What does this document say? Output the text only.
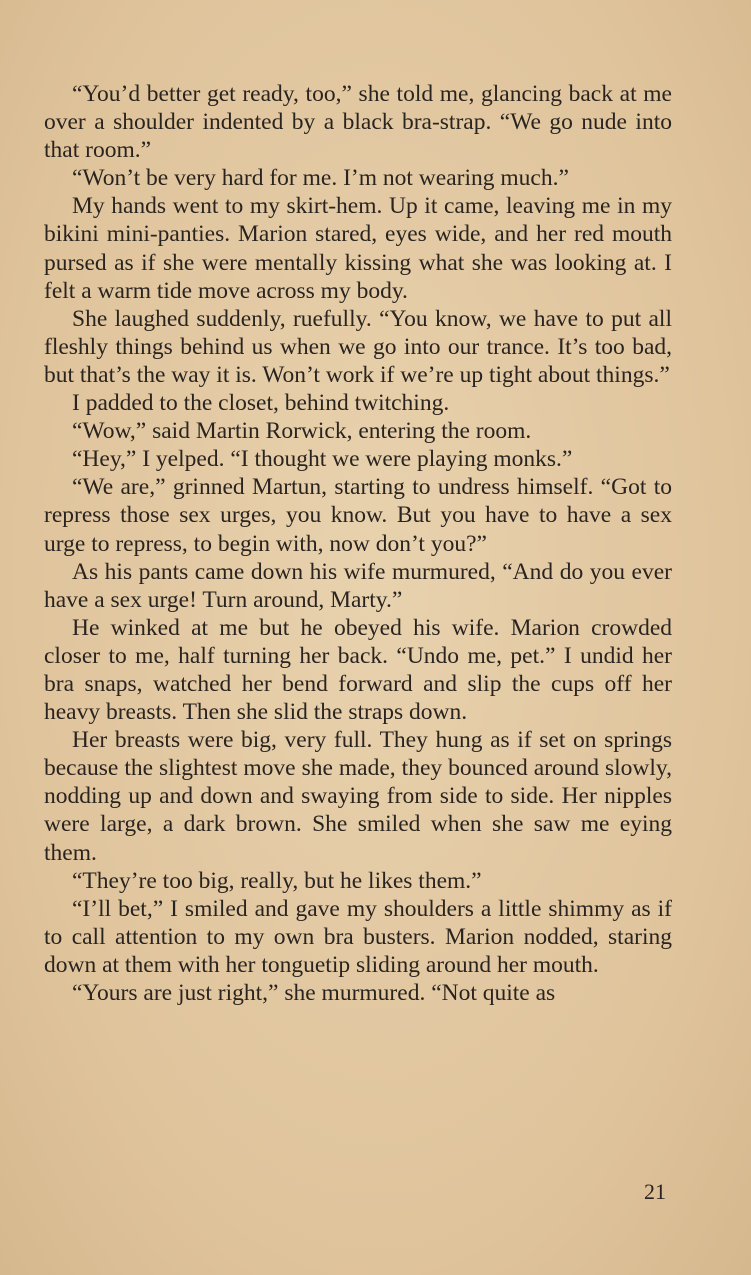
“You’d better get ready, too,” she told me, glancing back at me over a shoulder indented by a black bra-strap. “We go nude into that room.”

“Won’t be very hard for me. I’m not wearing much.”

My hands went to my skirt-hem. Up it came, leaving me in my bikini mini-panties. Marion stared, eyes wide, and her red mouth pursed as if she were mentally kissing what she was looking at. I felt a warm tide move across my body.

She laughed suddenly, ruefully. “You know, we have to put all fleshly things behind us when we go into our trance. It’s too bad, but that’s the way it is. Won’t work if we’re up tight about things.”

I padded to the closet, behind twitching.

“Wow,” said Martin Rorwick, entering the room.

“Hey,” I yelped. “I thought we were playing monks.”

“We are,” grinned Martun, starting to undress himself. “Got to repress those sex urges, you know. But you have to have a sex urge to repress, to begin with, now don’t you?”

As his pants came down his wife murmured, “And do you ever have a sex urge! Turn around, Marty.”

He winked at me but he obeyed his wife. Marion crowded closer to me, half turning her back. “Undo me, pet.” I undid her bra snaps, watched her bend forward and slip the cups off her heavy breasts. Then she slid the straps down.

Her breasts were big, very full. They hung as if set on springs because the slightest move she made, they bounced around slowly, nodding up and down and swaying from side to side. Her nipples were large, a dark brown. She smiled when she saw me eying them.

“They’re too big, really, but he likes them.”

“I’ll bet,” I smiled and gave my shoulders a little shimmy as if to call attention to my own bra busters. Marion nodded, staring down at them with her tonguetip sliding around her mouth.

“Yours are just right,” she murmured. “Not quite as

21
